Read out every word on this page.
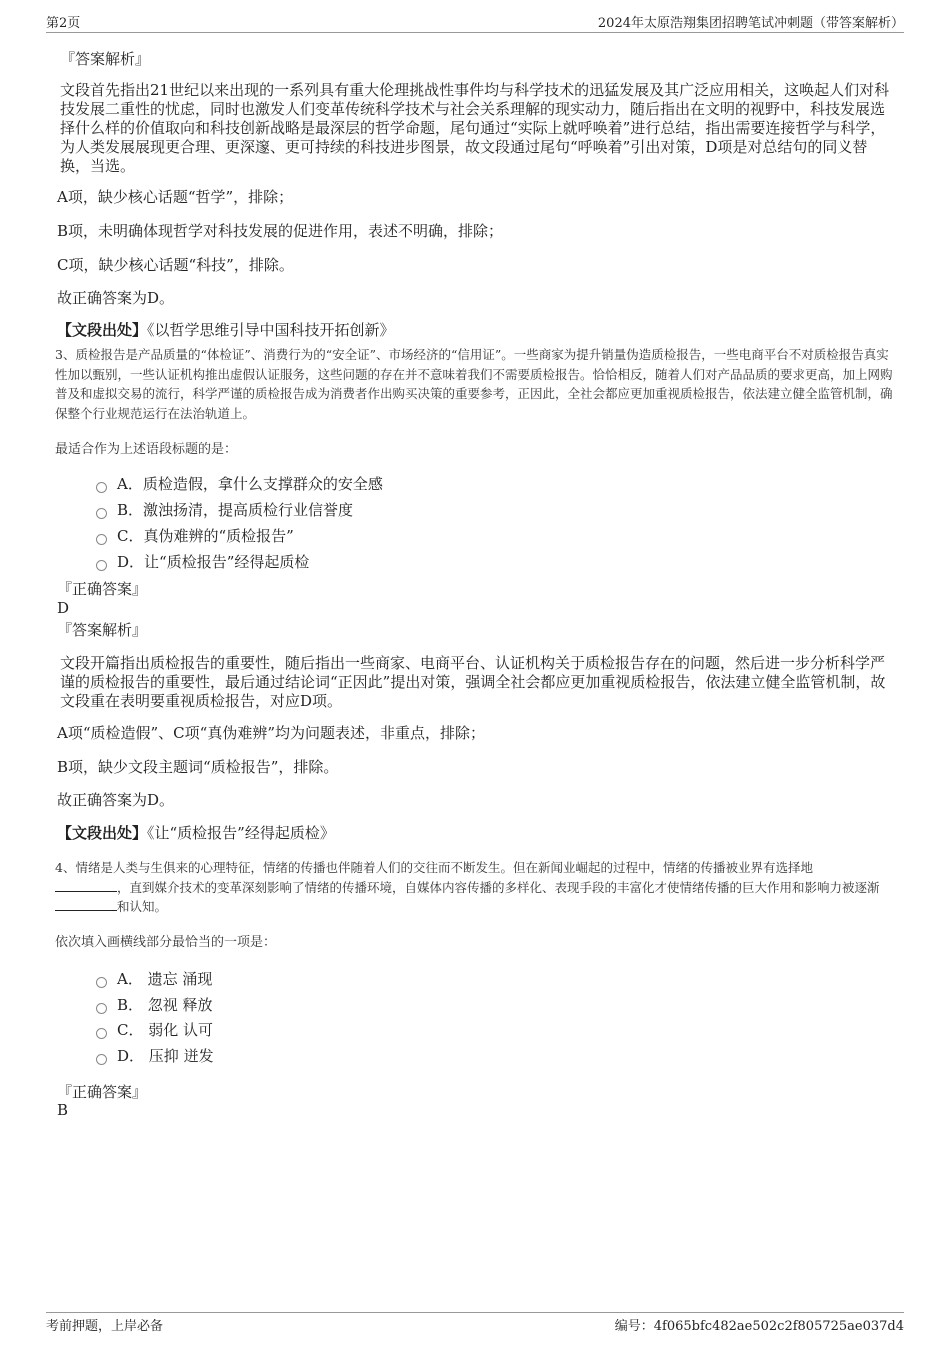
第2页	2024年太原浩翔集团招聘笔试冲刺题（带答案解析）
『答案解析』
文段首先指出21世纪以来出现的一系列具有重大伦理挑战性事件均与科学技术的迅猛发展及其广泛应用相关，这唤起人们对科技发展二重性的忧虑，同时也激发人们变革传统科学技术与社会关系理解的现实动力，随后指出在文明的视野中，科技发展选择什么样的价值取向和科技创新战略是最深层的哲学命题，尾句通过“实际上就呼唤着”进行总结，指出需要连接哲学与科学，为人类发展展现更合理、更深邃、更可持续的科技进步图景，故文段通过尾句“呼唤着”引出对策，D项是对总结句的同义替换，当选。
A项，缺少核心话题“哲学”，排除；
B项，未明确体现哲学对科技发展的促进作用，表述不明确，排除；
C项，缺少核心话题“科技”，排除。
故正确答案为D。
【文段出处】《以哲学思维引导中国科技开拓创新》
3、质检报告是产品质量的“体检证”、消费行为的“安全证”、市场经济的“信用证”。一些商家为提升销量伪造质检报告，一些电商平台不对质检报告真实性加以甄别，一些认证机构推出虚假认证服务，这些问题的存在并不意味着我们不需要质检报告。恰恰相反，随着人们对产品品质的要求更高，加上网购普及和虚拟交易的流行，科学严谨的质检报告成为消费者作出购买决策的重要参考，正因此，全社会都应更加重视质检报告，依法建立健全监管机制，确保整个行业规范运行在法治轨道上。
最适合作为上述语段标题的是：
A．质检造假，拿什么支撑群众的安全感
B．激浊扬清，提高质检行业信誉度
C．真伪难辨的“质检报告”
D．让“质检报告”经得起质检
『正确答案』
D
『答案解析』
文段开篇指出质检报告的重要性，随后指出一些商家、电商平台、认证机构关于质检报告存在的问题，然后进一步分析科学严谨的质检报告的重要性，最后通过结论词“正因此”提出对策，强调全社会都应更加重视质检报告，依法建立健全监管机制，故文段重在表明要重视质检报告，对应D项。
A项“质检造假”、C项“真伪难辨”均为问题表述，非重点，排除；
B项，缺少文段主题词“质检报告”，排除。
故正确答案为D。
【文段出处】《让“质检报告”经得起质检》
4、情绪是人类与生俱来的心理特征，情绪的传播也伴随着人们的交往而不断发生。但在新闻业崛起的过程中，情绪的传播被业界有选择地
，直到媒介技术的变革深刻影响了情绪的传播环境，自媒体内容传播的多样化、表现手段的丰富化才使情绪传播的巨大作用和影响力被逐渐和认知。
依次填入画横线部分最恰当的一项是：
A． 遗忘 涌现
B． 忽视 释放
C． 弱化 认可
D． 压抑 迸发
『正确答案』
B
考前押题，上岸必备	编号：4f065bfc482ae502c2f805725ae037d4
